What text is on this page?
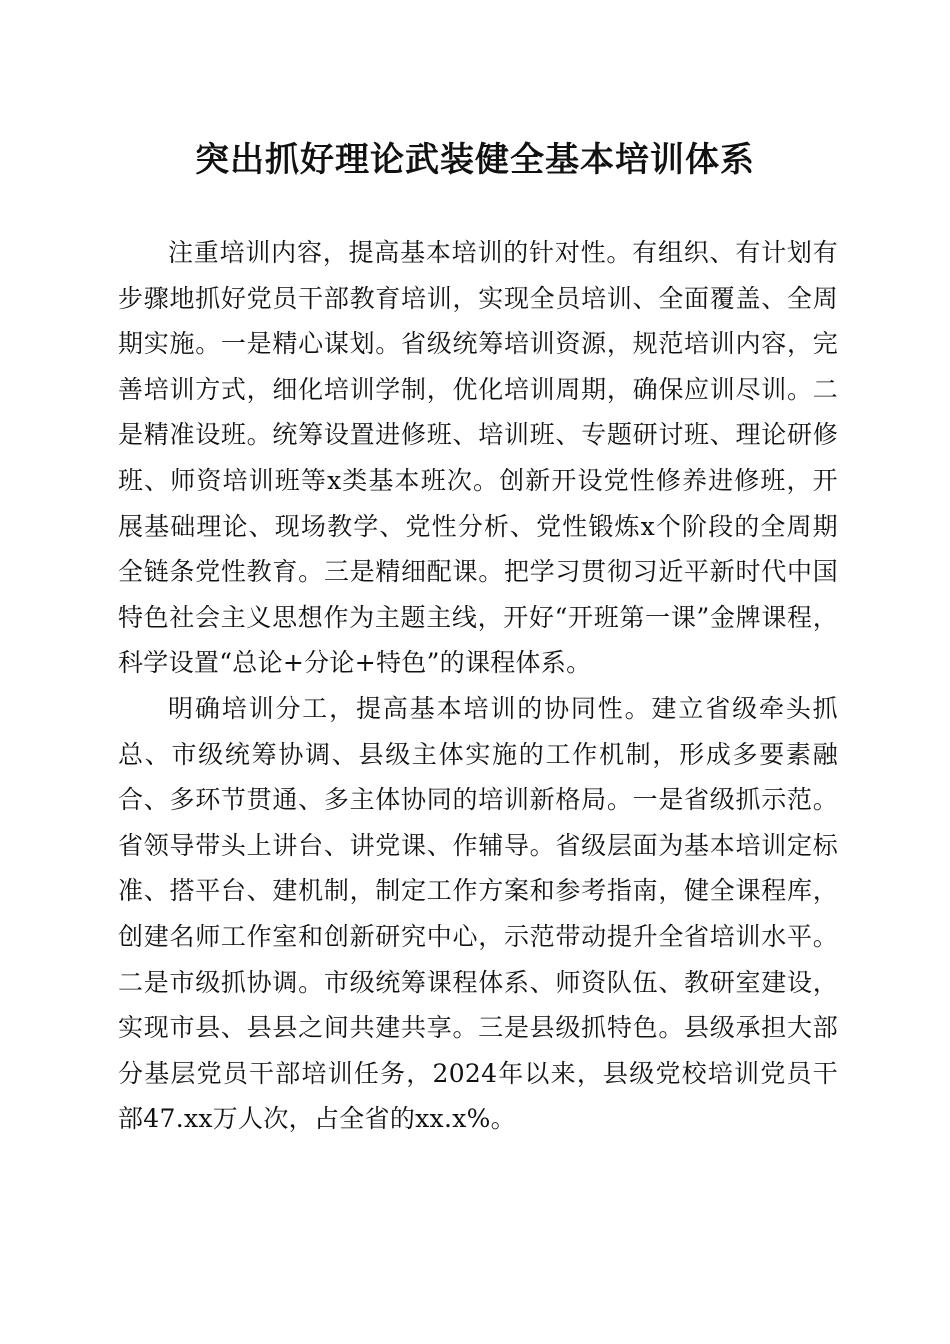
突出抓好理论武装健全基本培训体系

注重培训内容，提高基本培训的针对性。有组织、有计划有步骤地抓好党员干部教育培训，实现全员培训、全面覆盖、全周期实施。一是精心谋划。省级统筹培训资源，规范培训内容，完善培训方式，细化培训学制，优化培训周期，确保应训尽训。二是精准设班。统筹设置进修班、培训班、专题研讨班、理论研修班、师资培训班等x类基本班次。创新开设党性修养进修班，开展基础理论、现场教学、党性分析、党性锻炼x个阶段的全周期全链条党性教育。三是精细配课。把学习贯彻习近平新时代中国特色社会主义思想作为主题主线，开好“开班第一课”金牌课程，科学设置“总论+分论+特色”的课程体系。

明确培训分工，提高基本培训的协同性。建立省级牵头抓总、市级统筹协调、县级主体实施的工作机制，形成多要素融合、多环节贯通、多主体协同的培训新格局。一是省级抓示范。省领导带头上讲台、讲党课、作辅导。省级层面为基本培训定标准、搭平台、建机制，制定工作方案和参考指南，健全课程库，创建名师工作室和创新研究中心，示范带动提升全省培训水平。二是市级抓协调。市级统筹课程体系、师资队伍、教研室建设，实现市县、县县之间共建共享。三是县级抓特色。县级承担大部分基层党员干部培训任务，2024年以来，县级党校培训党员干部47.xx万人次，占全省的xx.x%。
